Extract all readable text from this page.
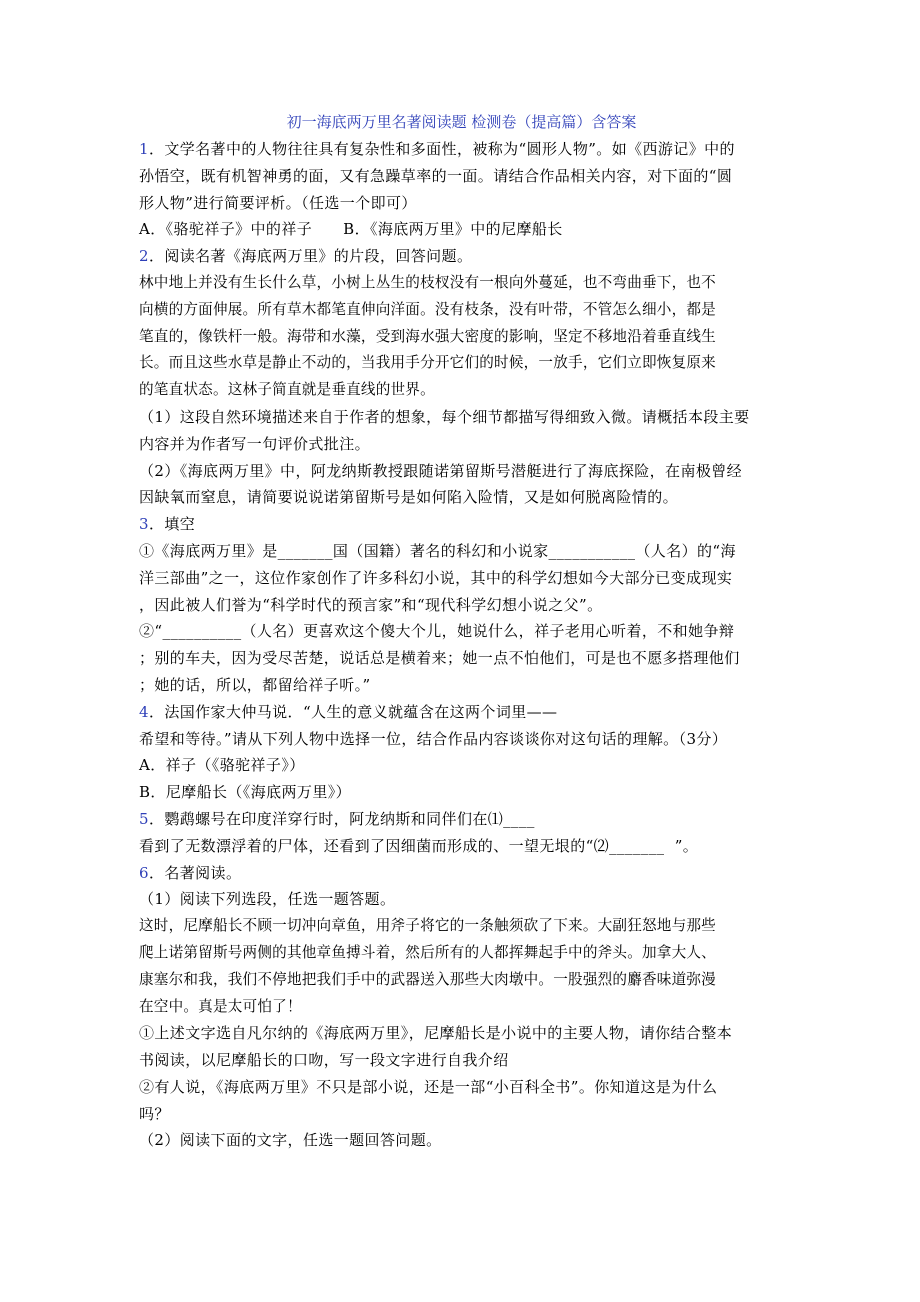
初一海底两万里名著阅读题 检测卷（提高篇）含答案
1．文学名著中的人物往往具有复杂性和多面性，被称为“圆形人物”。如《西游记》中的
孙悟空，既有机智神勇的面，又有急躁草率的一面。请结合作品相关内容，对下面的“圆
形人物”进行简要评析。（任选一个即可）
A．《骆驼祥子》中的祥子      B．《海底两万里》中的尼摩船长
2．阅读名著《海底两万里》的片段，回答问题。
林中地上并没有生长什么草，小树上丛生的枝杈没有一根向外蔓延，也不弯曲垂下，也不
向横的方面伸展。所有草木都笔直伸向洋面。没有枝条，没有叶带，不管怎么细小，都是
笔直的，像铁杆一般。海带和水藻，受到海水强大密度的影响，坚定不移地沿着垂直线生
长。而且这些水草是静止不动的，当我用手分开它们的时候，一放手，它们立即恢复原来
的笔直状态。这林子简直就是垂直线的世界。
（1）这段自然环境描述来自于作者的想象，每个细节都描写得细致入微。请概括本段主要
内容并为作者写一句评价式批注。
（2）《海底两万里》中，阿龙纳斯教授跟随诺第留斯号潜艇进行了海底探险，在南极曾经
因缺氧而窒息，请简要说说诺第留斯号是如何陷入险情，又是如何脱离险情的。
3．填空
①《海底两万里》是_______国（国籍）著名的科幻和小说家___________（人名）的“海
洋三部曲”之一，这位作家创作了许多科幻小说，其中的科学幻想如今大部分已变成现实
，因此被人们誉为“科学时代的预言家”和“现代科学幻想小说之父”。
②“__________（人名）更喜欢这个傻大个儿，她说什么，祥子老用心听着，不和她争辩
；别的车夫，因为受尽苦楚，说话总是横着来；她一点不怕他们，可是也不愿多搭理他们
；她的话，所以，都留给祥子听。”
4．法国作家大仲马说．“人生的意义就蕴含在这两个词里——
希望和等待。”请从下列人物中选择一位，结合作品内容谈谈你对这句话的理解。（3分）
A．祥子（《骆驼祥子》）
B．尼摩船长（《海底两万里》）
5．鹦鹉螺号在印度洋穿行时，阿龙纳斯和同伴们在⑴____
看到了无数漂浮着的尸体，还看到了因细菌而形成的、一望无垠的“⑵_______  ”。
6．名著阅读。
（1）阅读下列选段，任选一题答题。
这时，尼摩船长不顾一切冲向章鱼，用斧子将它的一条触须砍了下来。大副狂怒地与那些
爬上诺第留斯号两侧的其他章鱼搏斗着，然后所有的人都挥舞起手中的斧头。加拿大人、
康塞尔和我，我们不停地把我们手中的武器送入那些大肉墩中。一股强烈的麝香味道弥漫
在空中。真是太可怕了！
①上述文字选自凡尔纳的《海底两万里》，尼摩船长是小说中的主要人物，请你结合整本
书阅读，以尼摩船长的口吻，写一段文字进行自我介绍
②有人说，《海底两万里》不只是部小说，还是一部“小百科全书”。你知道这是为什么
吗？
（2）阅读下面的文字，任选一题回答问题。
